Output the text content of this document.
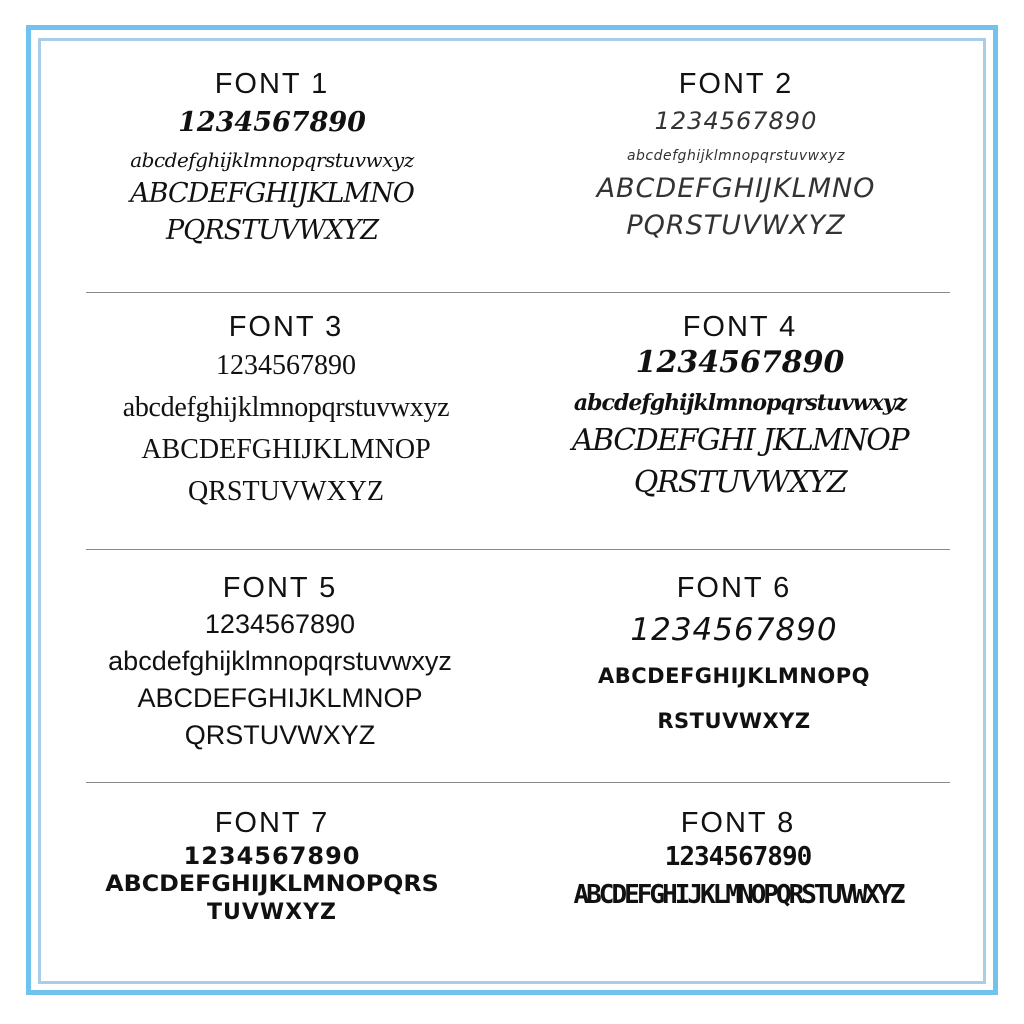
FONT 1
1234567890
abcdefghijklmnopqrstuvwxyz
ABCDEFGHIJKLMNO
PQRSTUVWXYZ
FONT 2
1234567890
abcdefghijklmnopqrstuvwxyz
ABCDEFGHIJKLMNO
PQRSTUVWXYZ
FONT 3
1234567890
abcdefghijklmnopqrstuvwxyz
ABCDEFGHIJKLMNOP
QRSTUVWXYZ
FONT 4
1234567890
abcdefghijklmnopqrstuvwxyz
ABCDEFGHI JKLMNOP
QRSTUVWXYZ
FONT 5
1234567890
abcdefghijklmnopqrstuvwxyz
ABCDEFGHIJKLMNOP
QRSTUVWXYZ
FONT 6
1234567890
ABCDEFGHIJKLMNOPQ
RSTUVWXYZ
FONT 7
1234567890
ABCDEFGHIJKLMNOPQRS
TUVWXYZ
FONT 8
1234567890
ABCDEFGHIJKLMNOPQRSTUVWXYZ
